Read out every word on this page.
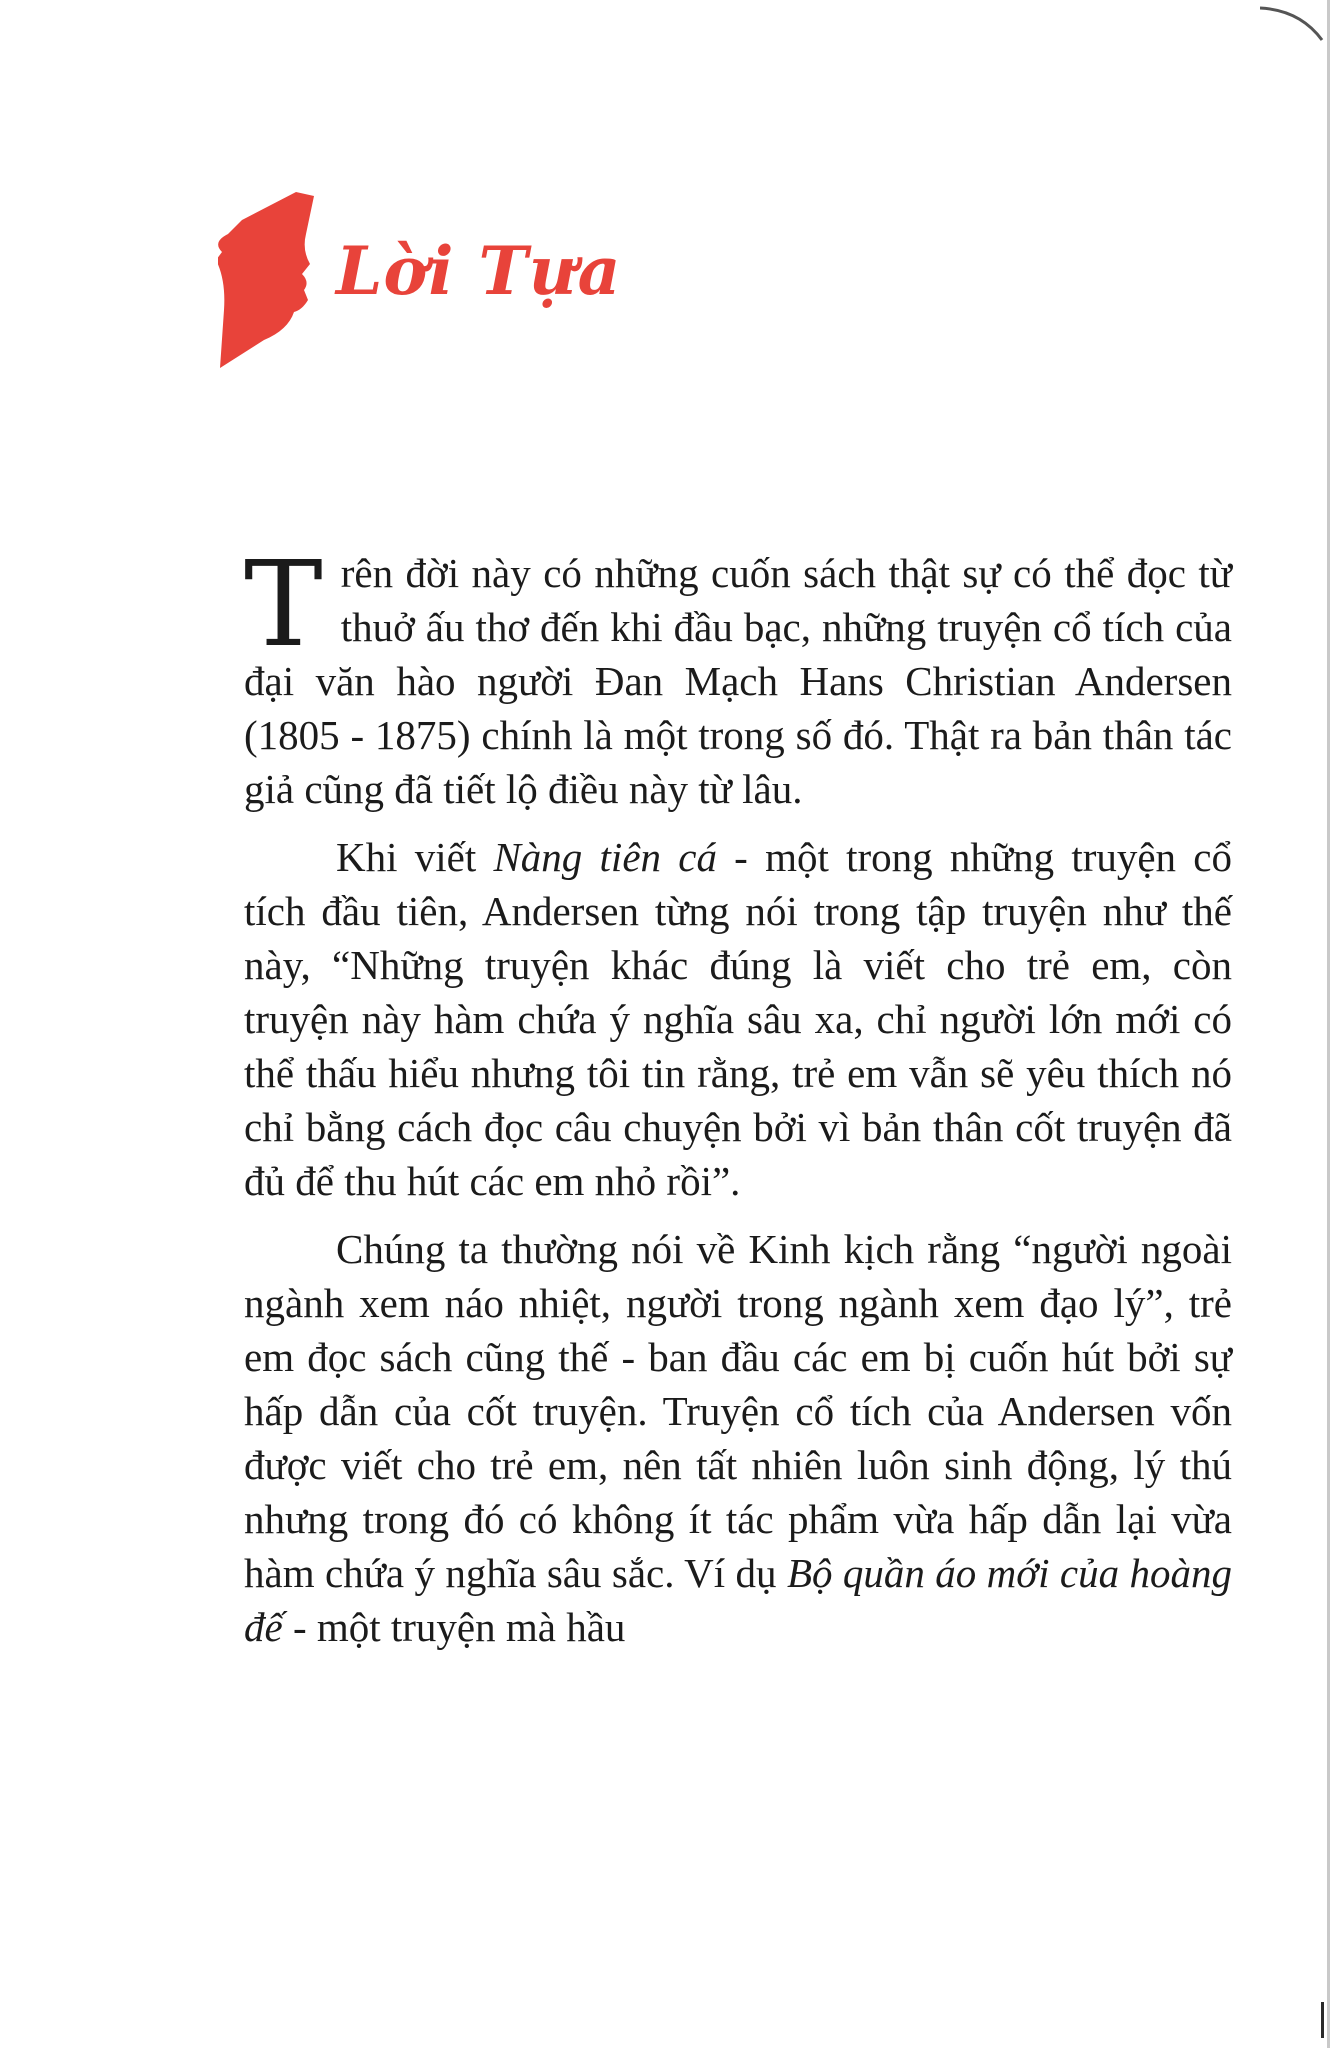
Lời Tựa

T rên đời này có những cuốn sách thật sự có thể đọc từ thuở ấu thơ đến khi đầu bạc, những truyện cổ tích của đại văn hào người Đan Mạch Hans Christian Andersen (1805 - 1875) chính là một trong số đó. Thật ra bản thân tác giả cũng đã tiết lộ điều này từ lâu.

Khi viết Nàng tiên cá - một trong những truyện cổ tích đầu tiên, Andersen từng nói trong tập truyện như thế này, “Những truyện khác đúng là viết cho trẻ em, còn truyện này hàm chứa ý nghĩa sâu xa, chỉ người lớn mới có thể thấu hiểu nhưng tôi tin rằng, trẻ em vẫn sẽ yêu thích nó chỉ bằng cách đọc câu chuyện bởi vì bản thân cốt truyện đã đủ để thu hút các em nhỏ rồi”.

Chúng ta thường nói về Kinh kịch rằng “người ngoài ngành xem náo nhiệt, người trong ngành xem đạo lý”, trẻ em đọc sách cũng thế - ban đầu các em bị cuốn hút bởi sự hấp dẫn của cốt truyện. Truyện cổ tích của Andersen vốn được viết cho trẻ em, nên tất nhiên luôn sinh động, lý thú nhưng trong đó có không ít tác phẩm vừa hấp dẫn lại vừa hàm chứa ý nghĩa sâu sắc. Ví dụ Bộ quần áo mới của hoàng đế - một truyện mà hầu
